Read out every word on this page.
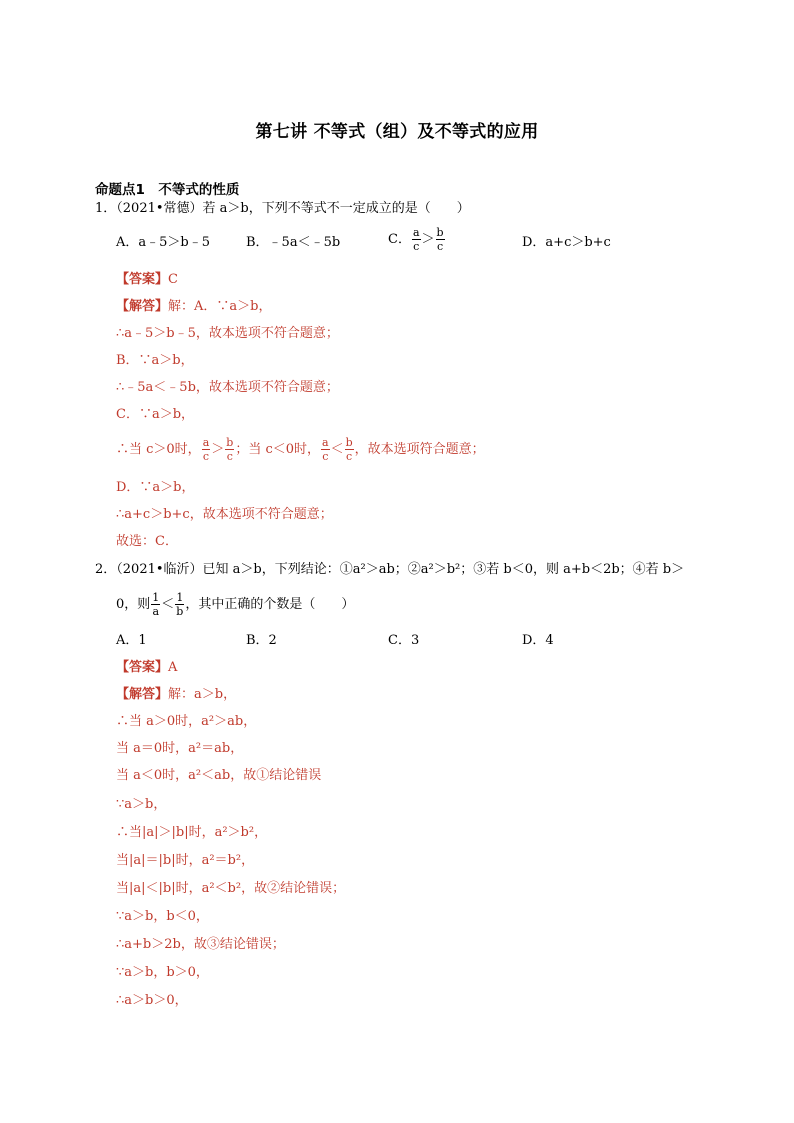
第七讲 不等式（组）及不等式的应用
命题点1　不等式的性质
1．（2021•常德）若 a＞b，下列不等式不一定成立的是（　　）
A．a﹣5＞b﹣5	B．﹣5a＜﹣5b	C． $\frac{a}{c} > \frac{b}{c}$	D．a+c＞b+c
【答案】C
【解答】解：A．∵a＞b，
∴a﹣5＞b﹣5，故本选项不符合题意；
B．∵a＞b，
∴﹣5a＜﹣5b，故本选项不符合题意；
C．∵a＞b，
∴当 c＞0时， $\frac{a}{c} > \frac{b}{c}$ ；当 c＜0时， $\frac{a}{c} < \frac{b}{c}$ ，故本选项符合题意；
D．∵a＞b，
∴a+c＞b+c，故本选项不符合题意；
故选：C．
2．（2021•临沂）已知 a＞b，下列结论：①a²＞ab；②a²＞b²；③若 b＜0，则 a+b＜2b；④若 b＞
0，则 $\frac{1}{a} < \frac{1}{b}$ ，其中正确的个数是（　　）
A．1	B．2	C．3	D．4
【答案】A
【解答】解：a＞b，
∴当 a＞0时，a²＞ab，
当 a＝0时，a²＝ab，
当 a＜0时，a²＜ab，故①结论错误
∵a＞b，
∴当|a|＞|b|时，a²＞b²，
当|a|＝|b|时，a²＝b²，
当|a|＜|b|时，a²＜b²，故②结论错误；
∵a＞b，b＜0，
∴a+b＞2b，故③结论错误；
∵a＞b，b＞0，
∴a＞b＞0，
